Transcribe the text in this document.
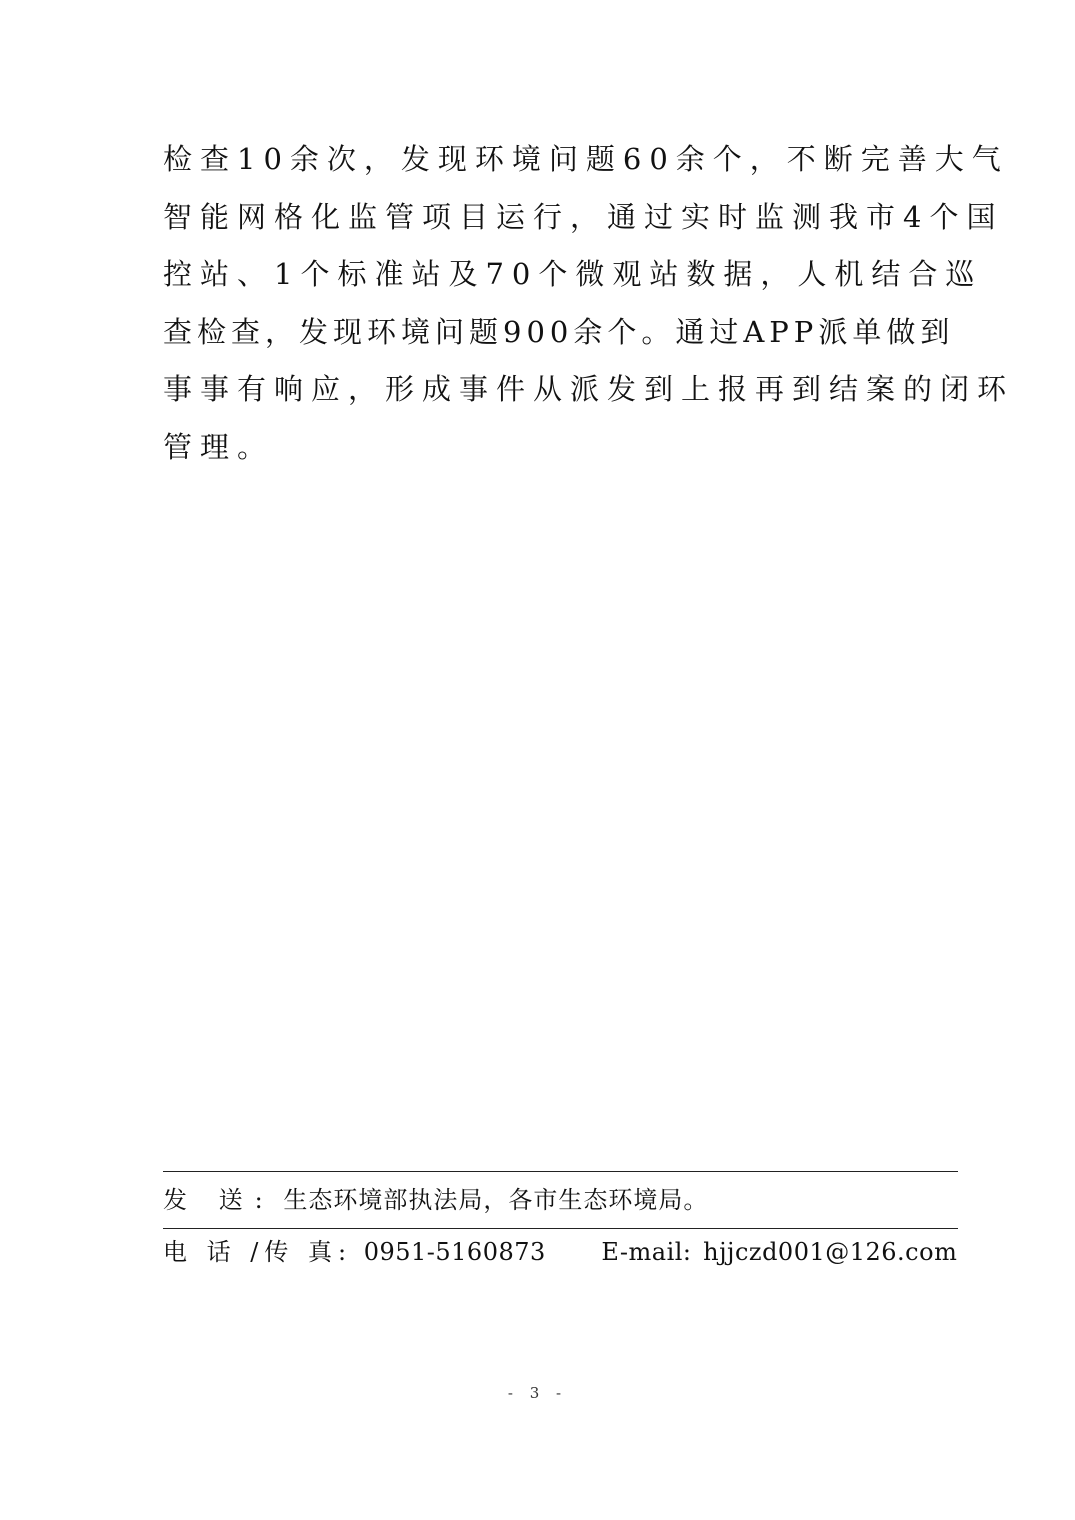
检查10余次，发现环境问题60余个，不断完善大气
智能网格化监管项目运行，通过实时监测我市4个国
控站、1个标准站及70个微观站数据，人机结合巡
查检查，发现环境问题900余个。通过APP派单做到
事事有响应，形成事件从派发到上报再到结案的闭环
管理。
发 送: 生态环境部执法局，各市生态环境局。
电 话 /传 真: 0951-5160873 E-mail: hjjczd001@126.com
- 3 -
